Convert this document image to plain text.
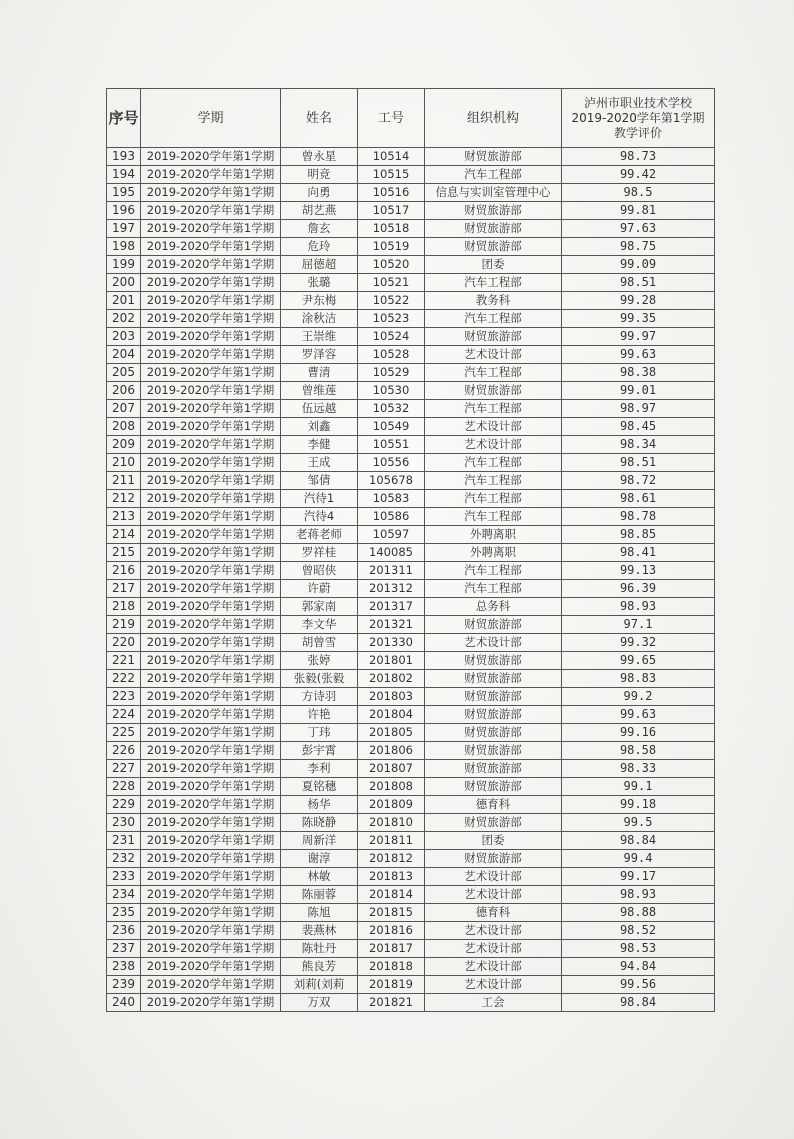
序号	学期	姓名	工号	组织机构	泸州市职业技术学校
2019-2020学年第1学期
教学评价

193	2019-2020学年第1学期	曾永星	10514	财贸旅游部	98.73
194	2019-2020学年第1学期	明竞	10515	汽车工程部	99.42
195	2019-2020学年第1学期	向勇	10516	信息与实训室管理中心	98.5
196	2019-2020学年第1学期	胡艺燕	10517	财贸旅游部	99.81
197	2019-2020学年第1学期	詹玄	10518	财贸旅游部	97.63
198	2019-2020学年第1学期	危玲	10519	财贸旅游部	98.75
199	2019-2020学年第1学期	屈德超	10520	团委	99.09
200	2019-2020学年第1学期	张璐	10521	汽车工程部	98.51
201	2019-2020学年第1学期	尹东梅	10522	教务科	99.28
202	2019-2020学年第1学期	涂秋洁	10523	汽车工程部	99.35
203	2019-2020学年第1学期	王崇维	10524	财贸旅游部	99.97
204	2019-2020学年第1学期	罗泽容	10528	艺术设计部	99.63
205	2019-2020学年第1学期	曹清	10529	汽车工程部	98.38
206	2019-2020学年第1学期	曾维莲	10530	财贸旅游部	99.01
207	2019-2020学年第1学期	伍远越	10532	汽车工程部	98.97
208	2019-2020学年第1学期	刘鑫	10549	艺术设计部	98.45
209	2019-2020学年第1学期	李健	10551	艺术设计部	98.34
210	2019-2020学年第1学期	王成	10556	汽车工程部	98.51
211	2019-2020学年第1学期	邹倩	105678	汽车工程部	98.72
212	2019-2020学年第1学期	汽待1	10583	汽车工程部	98.61
213	2019-2020学年第1学期	汽待4	10586	汽车工程部	98.78
214	2019-2020学年第1学期	老蒋老师	10597	外聘离职	98.85
215	2019-2020学年第1学期	罗祥桂	140085	外聘离职	98.41
216	2019-2020学年第1学期	曾昭侠	201311	汽车工程部	99.13
217	2019-2020学年第1学期	许蔚	201312	汽车工程部	96.39
218	2019-2020学年第1学期	郭家南	201317	总务科	98.93
219	2019-2020学年第1学期	李文华	201321	财贸旅游部	97.1
220	2019-2020学年第1学期	胡曾雪	201330	艺术设计部	99.32
221	2019-2020学年第1学期	张婷	201801	财贸旅游部	99.65
222	2019-2020学年第1学期	张毅(张毅	201802	财贸旅游部	98.83
223	2019-2020学年第1学期	方诗羽	201803	财贸旅游部	99.2
224	2019-2020学年第1学期	许艳	201804	财贸旅游部	99.63
225	2019-2020学年第1学期	丁玮	201805	财贸旅游部	99.16
226	2019-2020学年第1学期	彭宇霄	201806	财贸旅游部	98.58
227	2019-2020学年第1学期	李利	201807	财贸旅游部	98.33
228	2019-2020学年第1学期	夏铭穗	201808	财贸旅游部	99.1
229	2019-2020学年第1学期	杨华	201809	德育科	99.18
230	2019-2020学年第1学期	陈晓静	201810	财贸旅游部	99.5
231	2019-2020学年第1学期	周新洋	201811	团委	98.84
232	2019-2020学年第1学期	谢淳	201812	财贸旅游部	99.4
233	2019-2020学年第1学期	林敏	201813	艺术设计部	99.17
234	2019-2020学年第1学期	陈丽蓉	201814	艺术设计部	98.93
235	2019-2020学年第1学期	陈旭	201815	德育科	98.88
236	2019-2020学年第1学期	裴燕林	201816	艺术设计部	98.52
237	2019-2020学年第1学期	陈牡丹	201817	艺术设计部	98.53
238	2019-2020学年第1学期	熊良芳	201818	艺术设计部	94.84
239	2019-2020学年第1学期	刘莉(刘莉	201819	艺术设计部	99.56
240	2019-2020学年第1学期	万双	201821	工会	98.84
